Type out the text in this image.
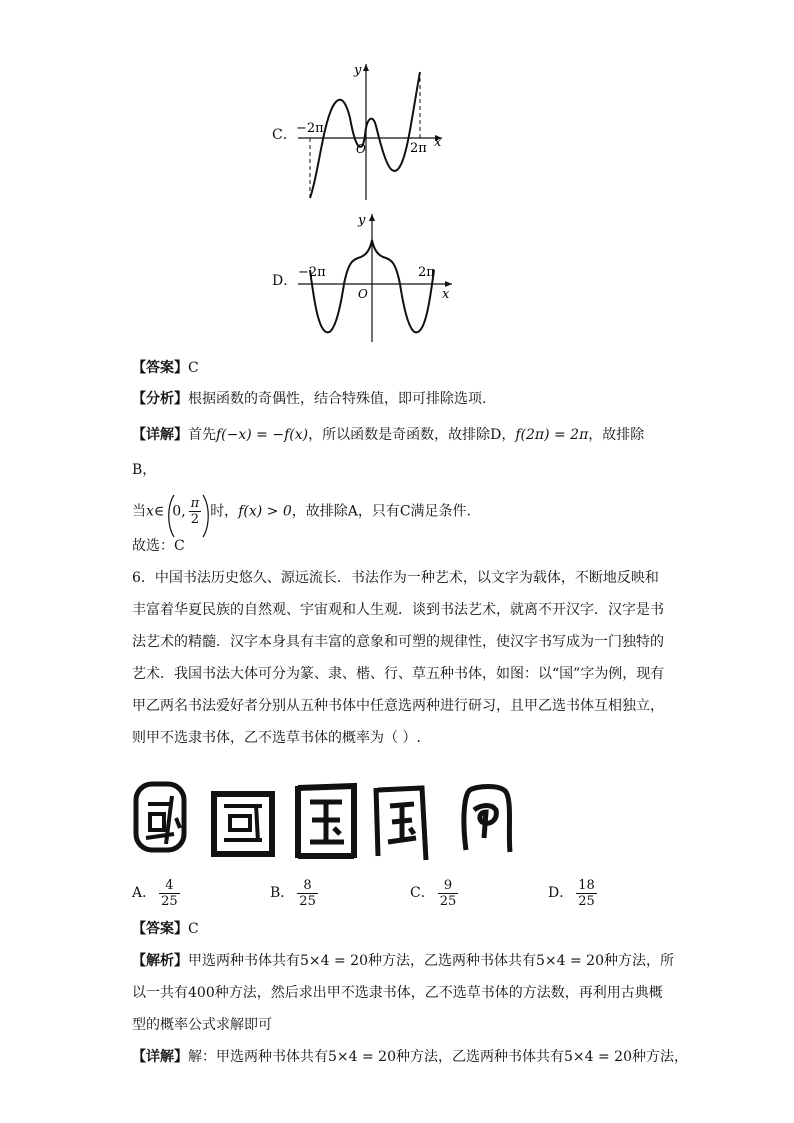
C．
y
x
O
−2π
2π
D．
y
x
O
−2π	2π
【答案】C
【分析】根据函数的奇偶性，结合特殊值，即可排除选项.
【详解】首先f(−x) = −f(x)，所以函数是奇函数，故排除D，f(2π) = 2π，故排除
B，
当x∈ 0, $\frac{\pi}{2}$ 时，f(x) > 0，故排除A，只有C满足条件.
故选：C
6．中国书法历史悠久、源远流长．书法作为一种艺术，以文字为载体，不断地反映和
丰富着华夏民族的自然观、宇宙观和人生观．谈到书法艺术，就离不开汉字．汉字是书
法艺术的精髓．汉字本身具有丰富的意象和可塑的规律性，使汉字书写成为一门独特的
艺术．我国书法大体可分为篆、隶、楷、行、草五种书体，如图：以“国”字为例，现有
甲乙两名书法爱好者分别从五种书体中任意选两种进行研习，且甲乙选书体互相独立，
则甲不选隶书体，乙不选草书体的概率为（ ）.
A． $\frac{4}{25}$	B． $\frac{8}{25}$	C． $\frac{9}{25}$	D． $\frac{18}{25}$
【答案】C
【解析】甲选两种书体共有5×4 = 20种方法，乙选两种书体共有5×4 = 20种方法，所
以一共有400种方法，然后求出甲不选隶书体，乙不选草书体的方法数，再利用古典概
型的概率公式求解即可
【详解】解：甲选两种书体共有5×4 = 20种方法，乙选两种书体共有5×4 = 20种方法，
